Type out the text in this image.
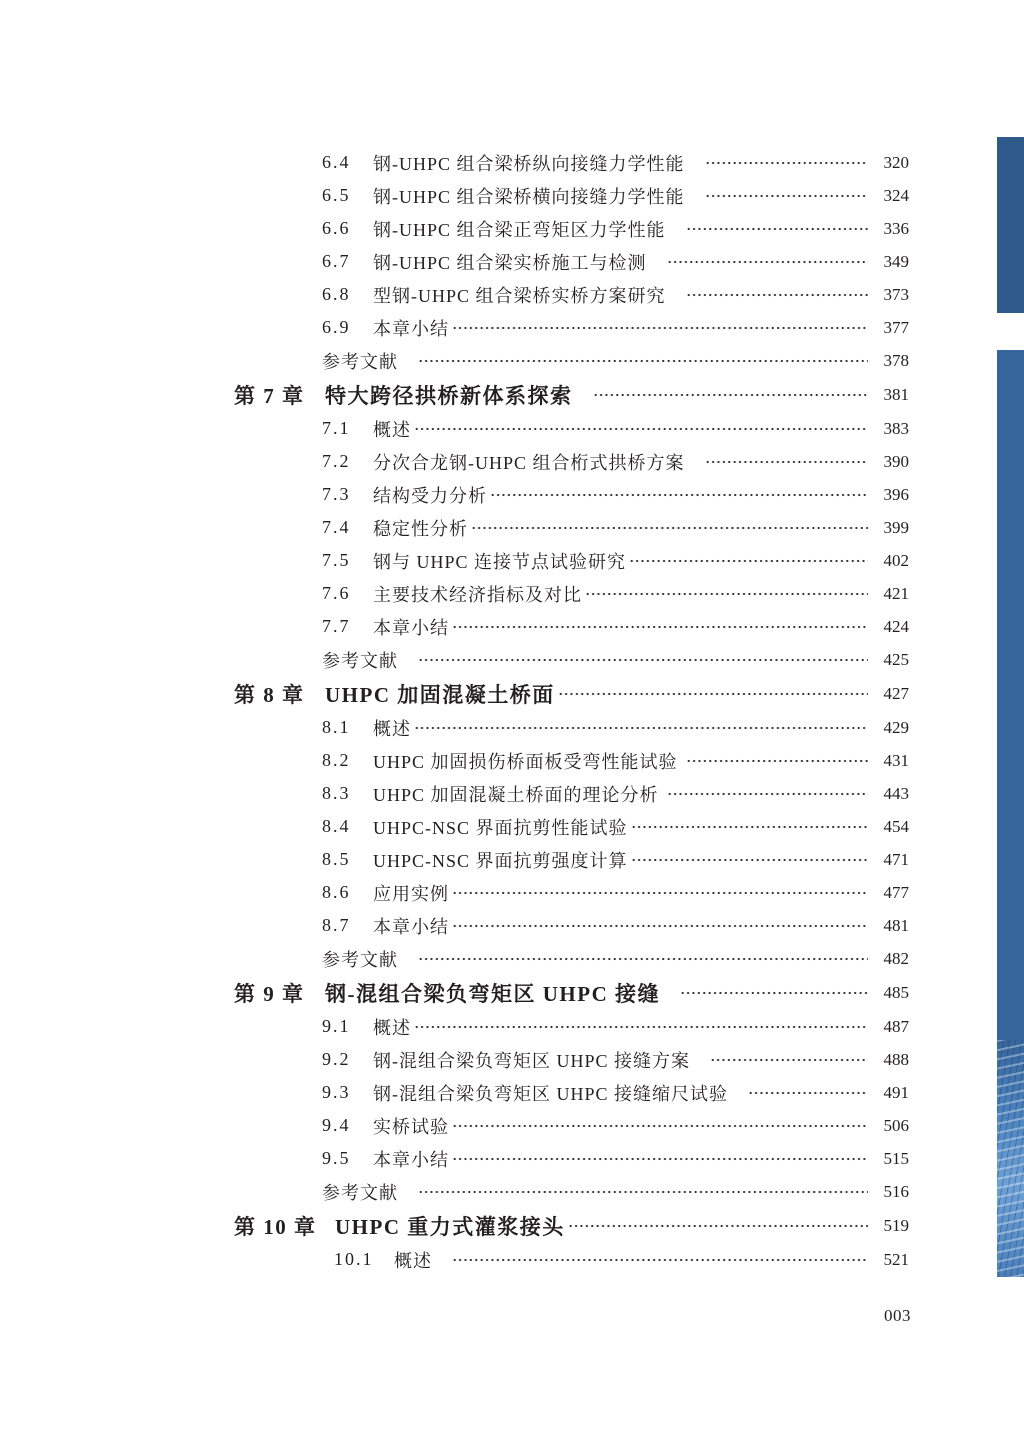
6.4	钢-UHPC 组合梁桥纵向接缝力学性能	320
6.5	钢-UHPC 组合梁桥横向接缝力学性能	324
6.6	钢-UHPC 组合梁正弯矩区力学性能	336
6.7	钢-UHPC 组合梁实桥施工与检测	349
6.8	型钢-UHPC 组合梁桥实桥方案研究	373
6.9	本章小结	377
参考文献	378
第 7 章 特大跨径拱桥新体系探索	381
7.1	概述	383
7.2	分次合龙钢-UHPC 组合桁式拱桥方案	390
7.3	结构受力分析	396
7.4	稳定性分析	399
7.5	钢与 UHPC 连接节点试验研究	402
7.6	主要技术经济指标及对比	421
7.7	本章小结	424
参考文献	425
第 8 章 UHPC 加固混凝土桥面	427
8.1	概述	429
8.2	UHPC 加固损伤桥面板受弯性能试验	431
8.3	UHPC 加固混凝土桥面的理论分析	443
8.4	UHPC-NSC 界面抗剪性能试验	454
8.5	UHPC-NSC 界面抗剪强度计算	471
8.6	应用实例	477
8.7	本章小结	481
参考文献	482
第 9 章 钢-混组合梁负弯矩区 UHPC 接缝	485
9.1	概述	487
9.2	钢-混组合梁负弯矩区 UHPC 接缝方案	488
9.3	钢-混组合梁负弯矩区 UHPC 接缝缩尺试验	491
9.4	实桥试验	506
9.5	本章小结	515
参考文献	516
第 10 章 UHPC 重力式灌浆接头	519
10.1	概述	521
003
